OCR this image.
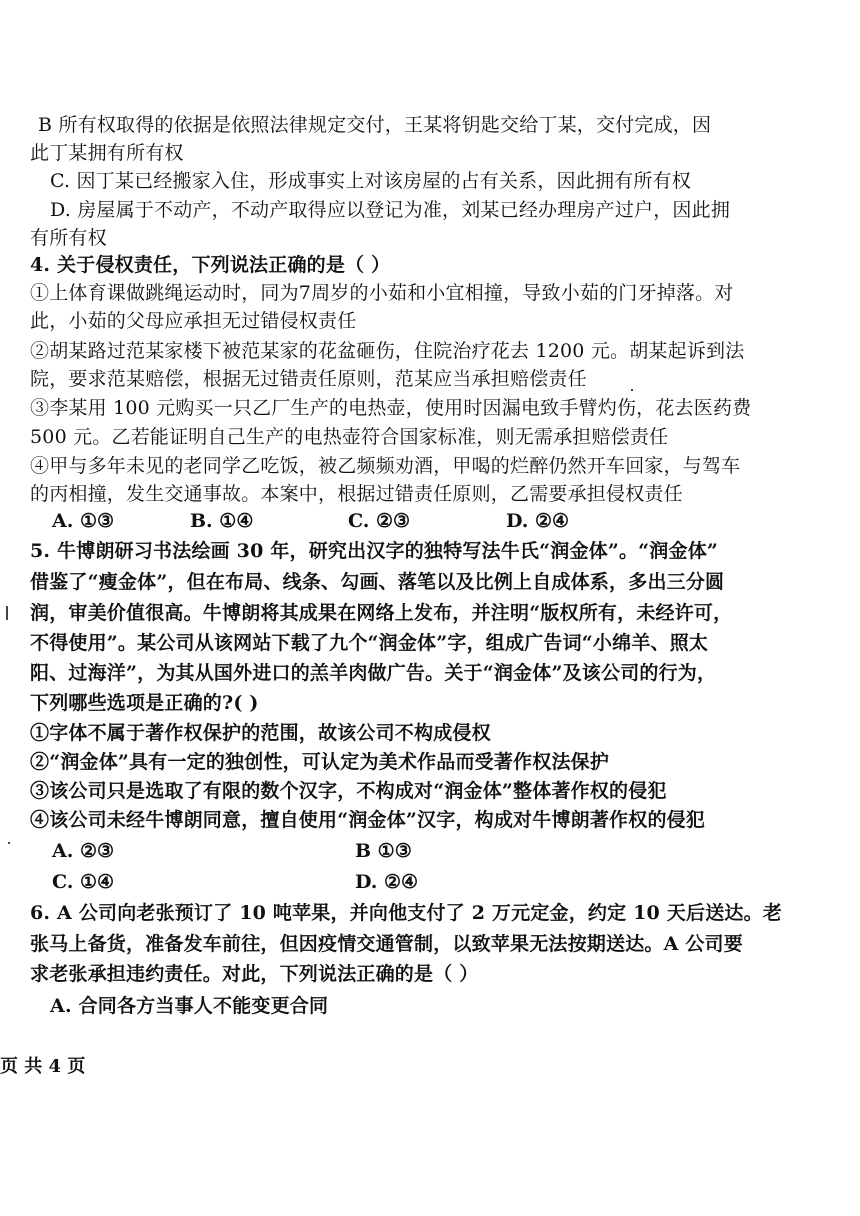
B 所有权取得的依据是依照法律规定交付，王某将钥匙交给丁某，交付完成，因
此丁某拥有所有权
C. 因丁某已经搬家入住，形成事实上对该房屋的占有关系，因此拥有所有权
D. 房屋属于不动产，不动产取得应以登记为准，刘某已经办理房产过户，因此拥
有所有权
4. 关于侵权责任，下列说法正确的是（ ）
①上体育课做跳绳运动时，同为7周岁的小茹和小宜相撞，导致小茹的门牙掉落。对
此，小茹的父母应承担无过错侵权责任
②胡某路过范某家楼下被范某家的花盆砸伤，住院治疗花去 1200 元。胡某起诉到法
院，要求范某赔偿，根据无过错责任原则，范某应当承担赔偿责任
③李某用 100 元购买一只乙厂生产的电热壶，使用时因漏电致手臂灼伤，花去医药费
500 元。乙若能证明自己生产的电热壶符合国家标准，则无需承担赔偿责任
④甲与多年未见的老同学乙吃饭，被乙频频劝酒，甲喝的烂醉仍然开车回家，与驾车
的丙相撞，发生交通事故。本案中，根据过错责任原则，乙需要承担侵权责任
A. ①③	B. ①④	C. ②③	D. ②④
5. 牛博朗研习书法绘画 30 年，研究出汉字的独特写法牛氏“润金体”。“润金体”
借鉴了“瘦金体”，但在布局、线条、勾画、落笔以及比例上自成体系，多出三分圆
润，审美价值很高。牛博朗将其成果在网络上发布，并注明“版权所有，未经许可，
不得使用”。某公司从该网站下载了九个“润金体”字，组成广告词“小绵羊、照太
阳、过海洋”，为其从国外进口的羔羊肉做广告。关于“润金体”及该公司的行为，
下列哪些选项是正确的?( )
①字体不属于著作权保护的范围，故该公司不构成侵权
②“润金体”具有一定的独创性，可认定为美术作品而受著作权法保护
③该公司只是选取了有限的数个汉字，不构成对“润金体”整体著作权的侵犯
④该公司未经牛博朗同意，擅自使用“润金体”汉字，构成对牛博朗著作权的侵犯
A. ②③	B ①③
C. ①④	D. ②④
6. A 公司向老张预订了 10 吨苹果，并向他支付了 2 万元定金，约定 10 天后送达。老
张马上备货，准备发车前往，但因疫情交通管制，以致苹果无法按期送达。A 公司要
求老张承担违约责任。对此，下列说法正确的是（ ）
A. 合同各方当事人不能变更合同
页 共 4 页
